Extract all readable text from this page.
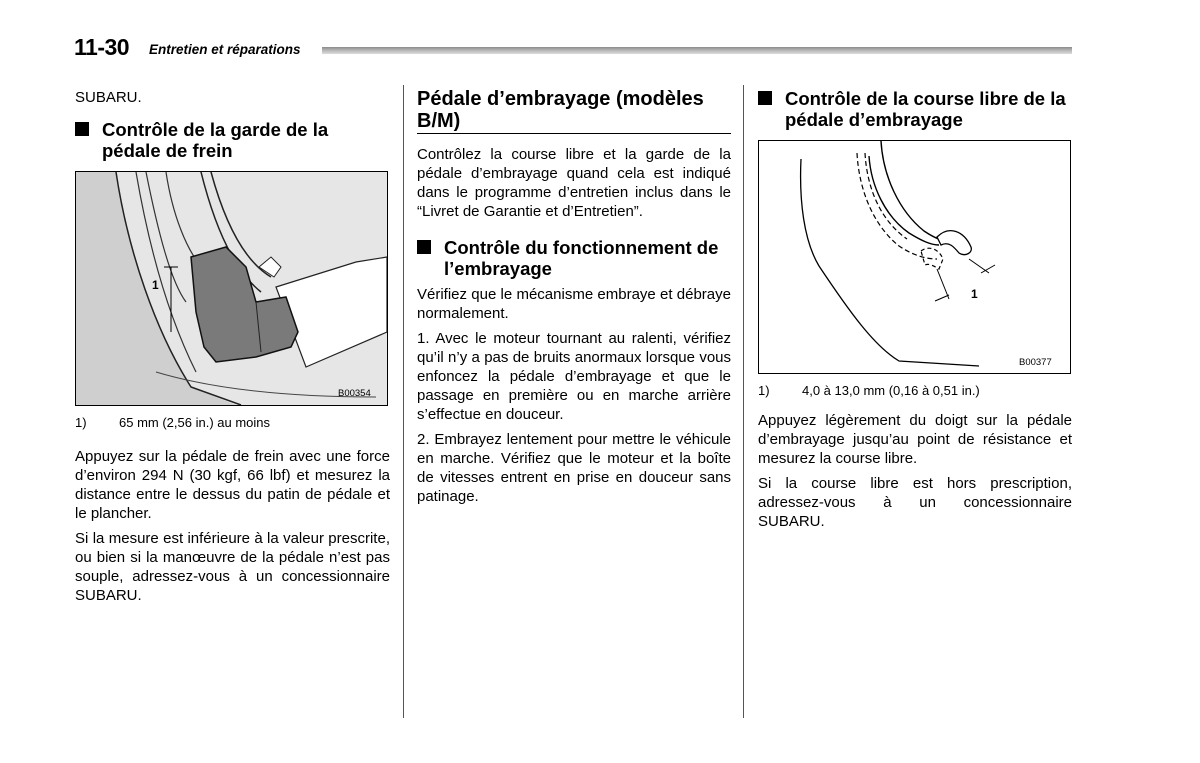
11-30 Entretien et réparations

SUBARU.

Contrôle de la garde de la pédale de frein
1
B00354
1)	65 mm (2,56 in.) au moins

Appuyez sur la pédale de frein avec une force d’environ 294 N (30 kgf, 66 lbf) et mesurez la distance entre le dessus du patin de pédale et le plancher.

Si la mesure est inférieure à la valeur prescrite, ou bien si la manœuvre de la pédale n’est pas souple, adressez-vous à un concessionnaire SUBARU.

Pédale d’embrayage (modèles B/M)

Contrôlez la course libre et la garde de la pédale d’embrayage quand cela est indiqué dans le programme d’entretien inclus dans le “Livret de Garantie et d’Entretien”.

Contrôle du fonctionnement de l’embrayage

Vérifiez que le mécanisme embraye et débraye normalement.

1. Avec le moteur tournant au ralenti, vérifiez qu’il n’y a pas de bruits anormaux lorsque vous enfoncez la pédale d’embrayage et que le passage en première ou en marche arrière s’effectue en douceur.

2. Embrayez lentement pour mettre le véhicule en marche. Vérifiez que le moteur et la boîte de vitesses entrent en prise en douceur sans patinage.

Contrôle de la course libre de la pédale d’embrayage
1
B00377
1)	4,0 à 13,0 mm (0,16 à 0,51 in.)

Appuyez légèrement du doigt sur la pédale d’embrayage jusqu’au point de résistance et mesurez la course libre.

Si la course libre est hors prescription, adressez-vous à un concessionnaire SUBARU.
